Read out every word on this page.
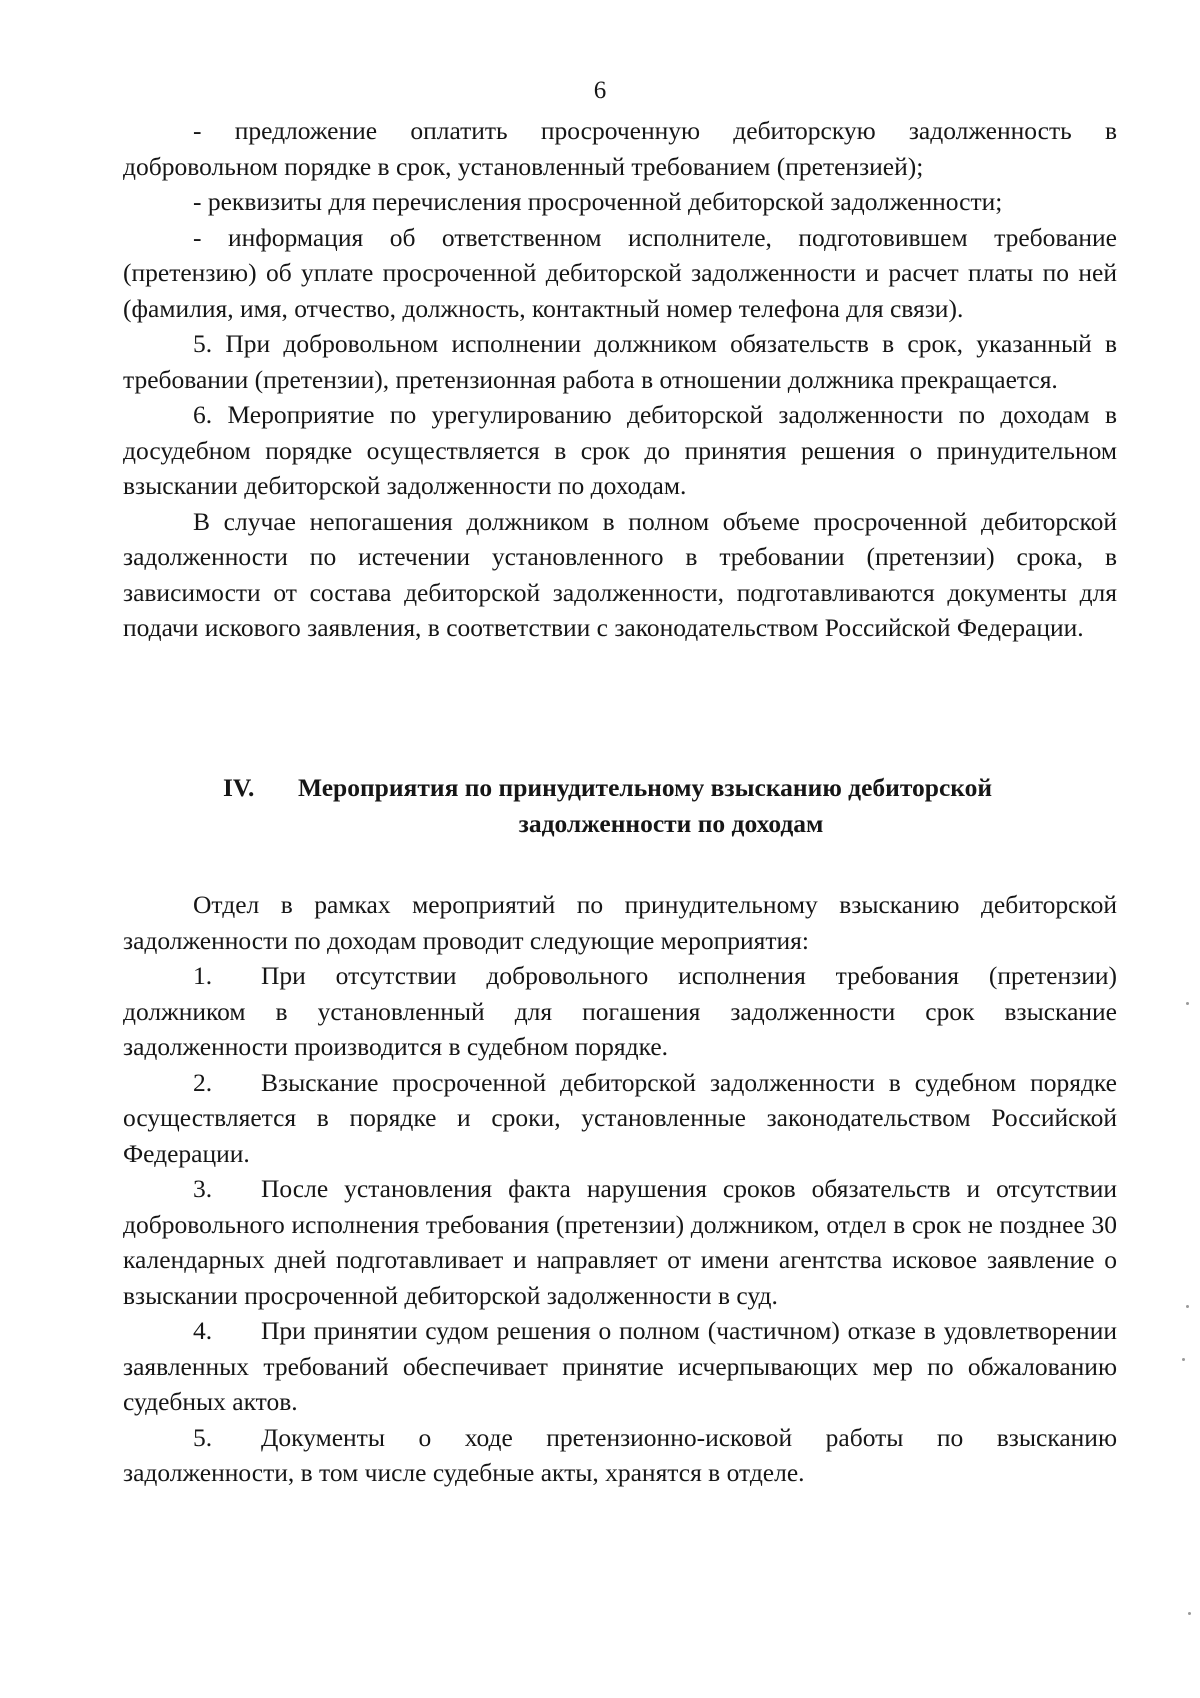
6

- предложение оплатить просроченную дебиторскую задолженность в добровольном порядке в срок, установленный требованием (претензией);

- реквизиты для перечисления просроченной дебиторской задолженности;

- информация об ответственном исполнителе, подготовившем требование (претензию) об уплате просроченной дебиторской задолженности и расчет платы по ней (фамилия, имя, отчество, должность, контактный номер телефона для связи).

5. При добровольном исполнении должником обязательств в срок, указанный в требовании (претензии), претензионная работа в отношении должника прекращается.

6. Мероприятие по урегулированию дебиторской задолженности по доходам в досудебном порядке осуществляется в срок до принятия решения о принудительном взыскании дебиторской задолженности по доходам.

В случае непогашения должником в полном объеме просроченной дебиторской задолженности по истечении установленного в требовании (претензии) срока, в зависимости от состава дебиторской задолженности, подготавливаются документы для подачи искового заявления, в соответствии с законодательством Российской Федерации.

IV.	Мероприятия по принудительному взысканию дебиторской
задолженности по доходам

Отдел в рамках мероприятий по принудительному взысканию дебиторской задолженности по доходам проводит следующие мероприятия:

1. При отсутствии добровольного исполнения требования (претензии) должником в установленный для погашения задолженности срок взыскание задолженности производится в судебном порядке.

2. Взыскание просроченной дебиторской задолженности в судебном порядке осуществляется в порядке и сроки, установленные законодательством Российской Федерации.

3. После установления факта нарушения сроков обязательств и отсутствии добровольного исполнения требования (претензии) должником, отдел в срок не позднее 30 календарных дней подготавливает и направляет от имени агентства исковое заявление о взыскании просроченной дебиторской задолженности в суд.

4. При принятии судом решения о полном (частичном) отказе в удовлетворении заявленных требований обеспечивает принятие исчерпывающих мер по обжалованию судебных актов.

5. Документы о ходе претензионно-исковой работы по взысканию задолженности, в том числе судебные акты, хранятся в отделе.
